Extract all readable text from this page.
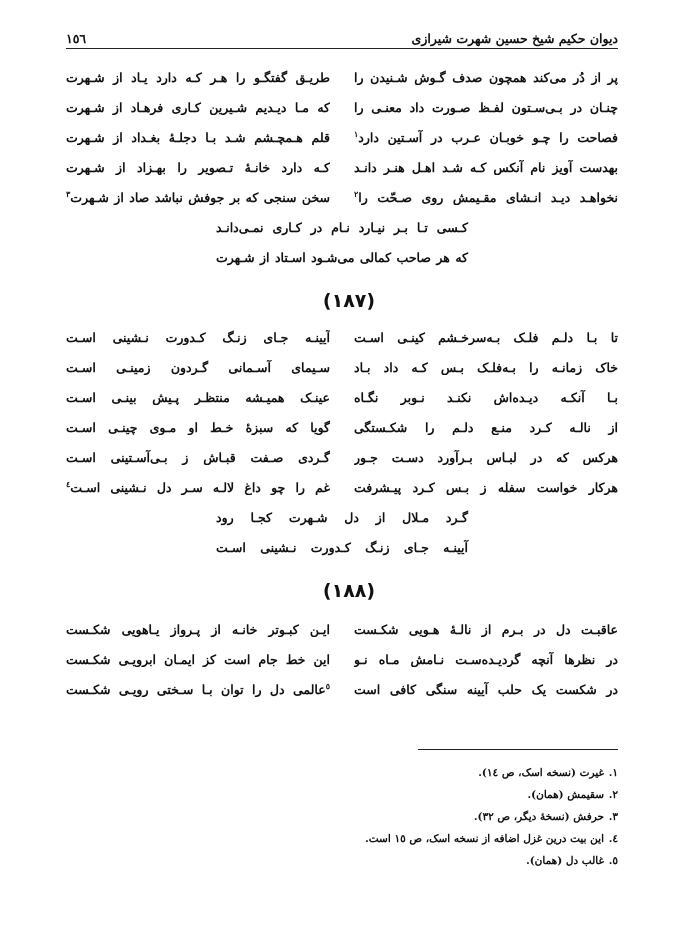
دیوان حکیم شیخ حسین شهرت شیرازی
١٥٦
پر از دُر می‌کند همچون صدف گـوش شـنیدن را
طریـق گفتگـو را هـر کـه دارد یـاد از شـهرت
چنـان در بـی‌سـتون لفـظ صـورت داد معنـی را
که مـا دیـدیم شـیرین کـاری فرهـاد از شـهرت
فصاحت را چـو خوبـان عـرب در آسـتین دارد$^١$
قلم هـمچـشم شـد بـا دجلـهٔ بغـداد از شـهرت
بهدست آویز نام آنکس کـه شـد اهـل هنـر دانـد
کـه دارد خانـهٔ تـصویر را بهـزاد از شـهرت
نخواهـد دیـد انـشای مقـیمش روی صـحّت را$^٢$
سخن سنجی که بر جوفش نباشد صاد از شـهرت$^٣$
کـسی تـا بـر نیـارد نـام در کـاری نمـی‌دانـد
که هر صاحب کمالی می‌شـود اسـتاد از شـهرت
(١٨٧)
تا بـا دلـم فلـک بـه‌سرخـشم کینـی اسـت
آیینـه جـای زنـگ کـدورت نـشینی اسـت
خاک زمانـه را بـه‌فلـک بـس کـه داد بـاد
سـیمای آسـمانی گـردون زمینـی اسـت
بـا آنکـه دیـده‌اش نکنـد نـوبر نگـاه
عینـک همیـشه منتظـر پـیش بینـی اسـت
از نالـه کـرد منـع دلـم را شکـستگی
گویا که سبزهٔ خـط او مـوی چینـی اسـت
هرکس که در لبـاس بـرآورد دسـت جـور
گـردی صـفت قبـاش ز بـی‌آسـتینی اسـت
هرکار خواست سفله ز بـس کـرد پیـشرفت
غم را چو داغ لالـه سـر دل نـشینی اسـت$^٤$
گـرد مـلال از دل شـهرت کجـا رود
آیینـه جـای زنـگ کـدورت نـشینی اسـت
(١٨٨)
عاقبـت دل در بـرم از نالـهٔ هـویی شکـست
ایـن کبـوتر خانـه از پـرواز یـاهویی شکـست
در نظرها آنچه گردیـده‌سـت نـامش مـاه نـو
این خط جام است کز ایمـان ابرویـی شکـست
در شکست یک حلب آیینه سنگی کافی است
$^٥$عالمی دل را توان بـا سـختی رویـی شکـست
١.
غیرت (نسخه اسک، ص ١٤).
٢.
سقیمش (همان).
٣.
حرفش (نسخهٔ دیگر، ص ٣٢).
٤.
این بیت درین غزل اضافه از نسخه اسک، ص ١٥ است.
٥.
غالب دل (همان).
